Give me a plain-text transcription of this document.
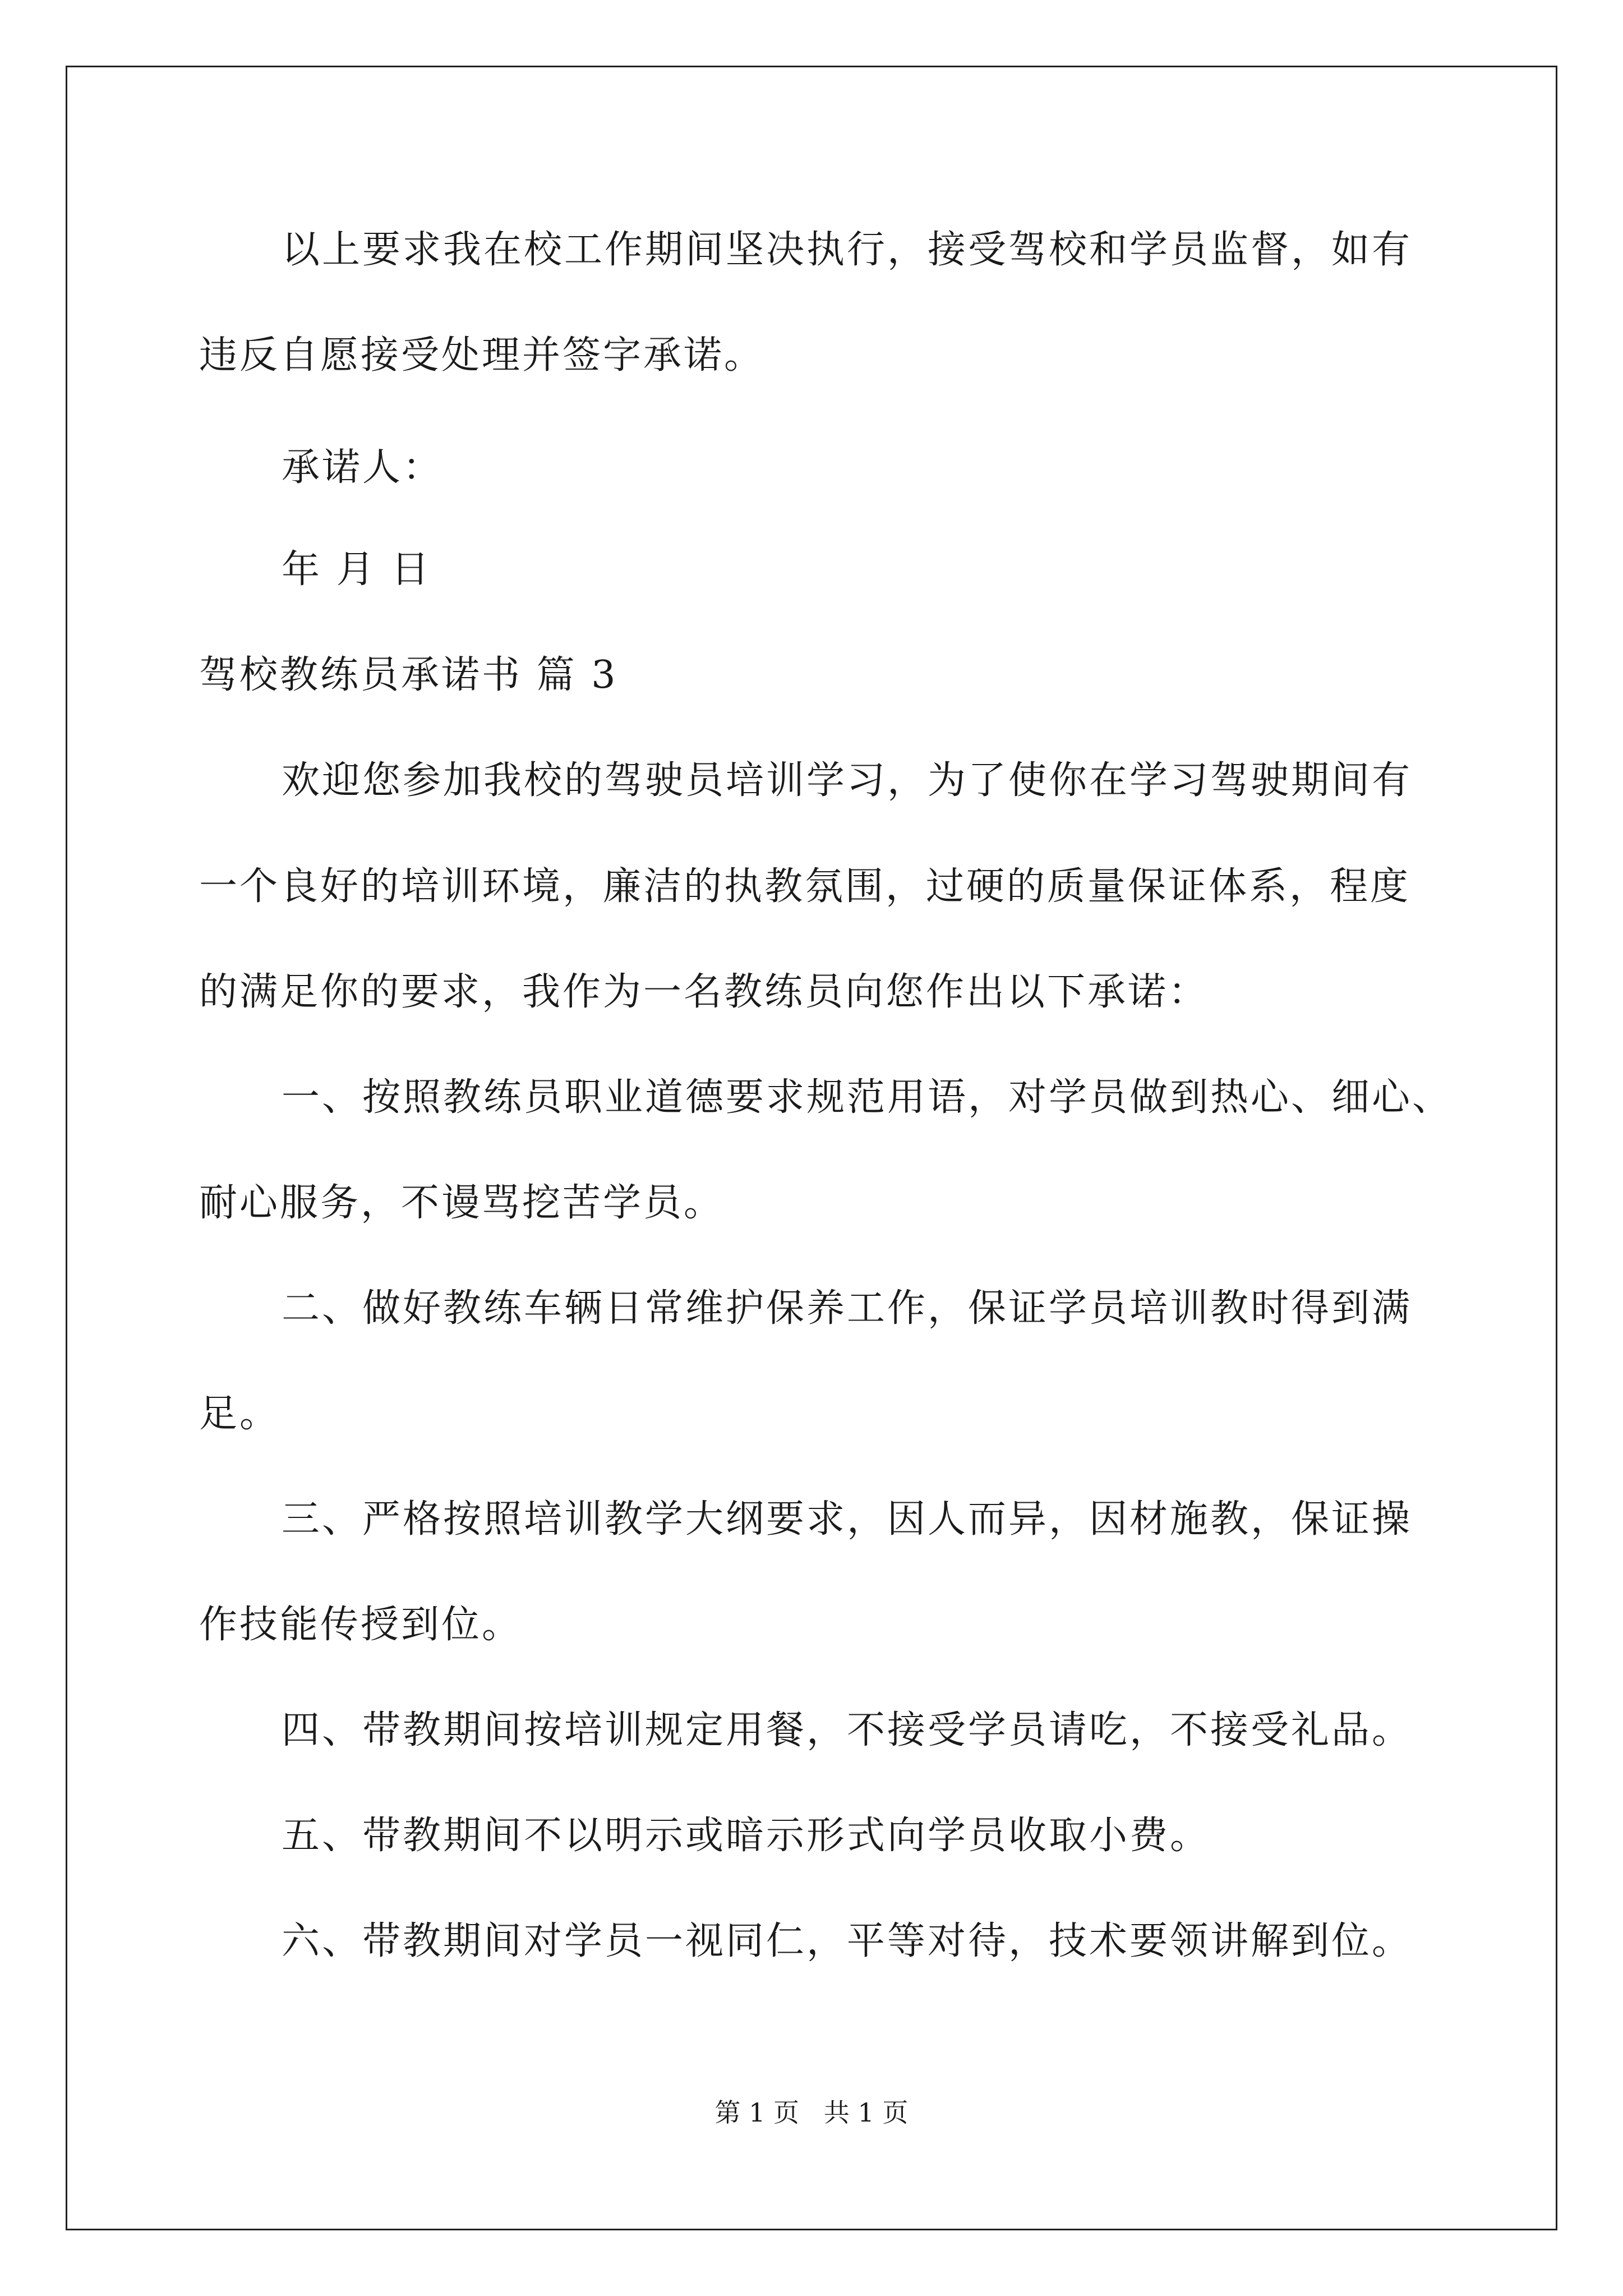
以上要求我在校工作期间坚决执行，接受驾校和学员监督，如有
违反自愿接受处理并签字承诺。
承诺人：
年 月 日
驾校教练员承诺书 篇 3
欢迎您参加我校的驾驶员培训学习，为了使你在学习驾驶期间有
一个良好的培训环境，廉洁的执教氛围，过硬的质量保证体系，程度
的满足你的要求，我作为一名教练员向您作出以下承诺：
一、按照教练员职业道德要求规范用语，对学员做到热心、细心、
耐心服务，不谩骂挖苦学员。
二、做好教练车辆日常维护保养工作，保证学员培训教时得到满
足。
三、严格按照培训教学大纲要求，因人而异，因材施教，保证操
作技能传授到位。
四、带教期间按培训规定用餐，不接受学员请吃，不接受礼品。
五、带教期间不以明示或暗示形式向学员收取小费。
六、带教期间对学员一视同仁，平等对待，技术要领讲解到位。
第 1 页   共 1 页
